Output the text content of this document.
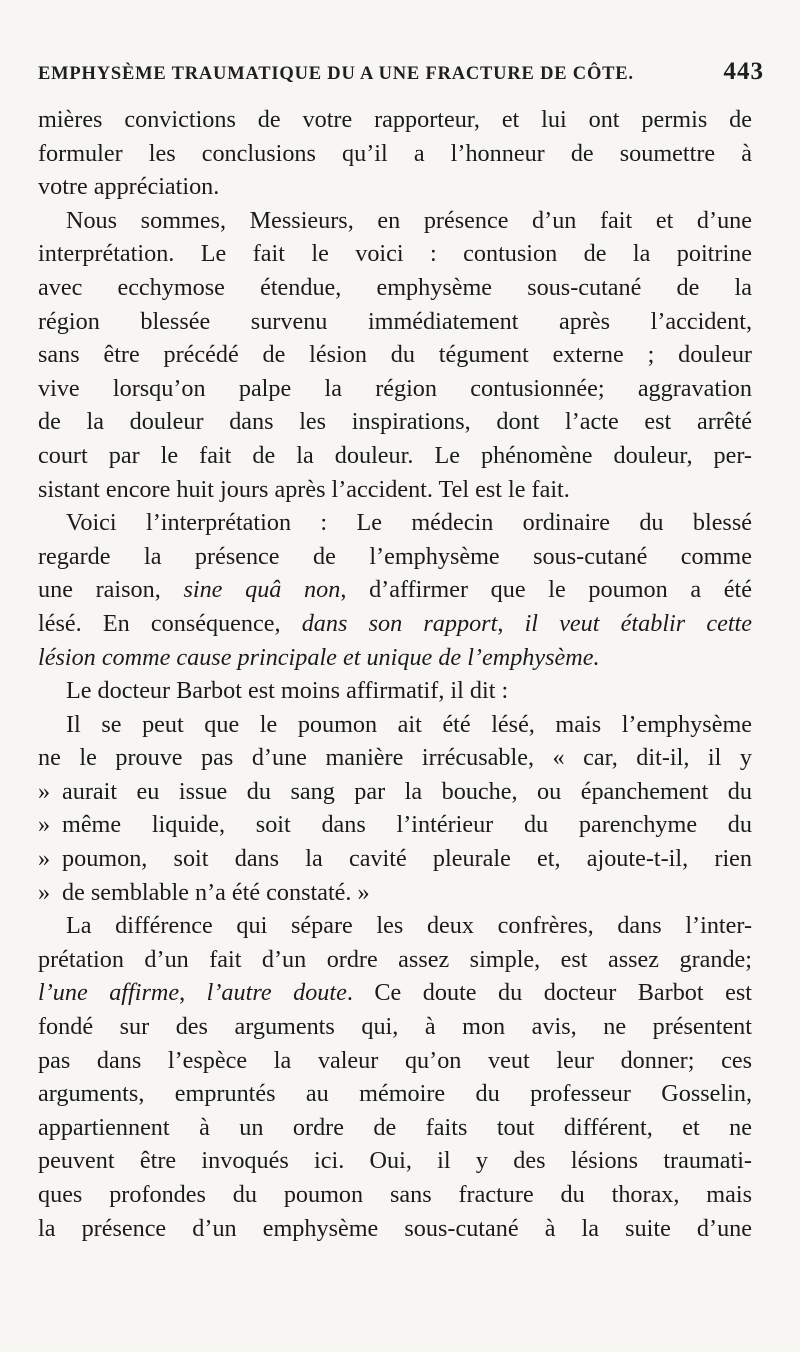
EMPHYSÈME TRAUMATIQUE DU A UNE FRACTURE DE CÔTE.	443
mières convictions de votre rapporteur, et lui ont permis de
formuler les conclusions qu’il a l’honneur de soumettre à
votre appréciation.
Nous sommes, Messieurs, en présence d’un fait et d’une
interprétation. Le fait le voici : contusion de la poitrine
avec ecchymose étendue, emphysème sous-cutané de la
région blessée survenu immédiatement après l’accident,
sans être précédé de lésion du tégument externe ; douleur
vive lorsqu’on palpe la région contusionnée; aggravation
de la douleur dans les inspirations, dont l’acte est arrêté
court par le fait de la douleur. Le phénomène douleur, per-
sistant encore huit jours après l’accident. Tel est le fait.
Voici l’interprétation : Le médecin ordinaire du blessé
regarde la présence de l’emphysème sous-cutané comme
une raison, sine quâ non, d’affirmer que le poumon a été
lésé. En conséquence, dans son rapport, il veut établir cette
lésion comme cause principale et unique de l’emphysème.
Le docteur Barbot est moins affirmatif, il dit :
Il se peut que le poumon ait été lésé, mais l’emphysème
ne le prouve pas d’une manière irrécusable, « car, dit-il, il y
» aurait eu issue du sang par la bouche, ou épanchement du
» même liquide, soit dans l’intérieur du parenchyme du
» poumon, soit dans la cavité pleurale et, ajoute-t-il, rien
» de semblable n’a été constaté. »
La différence qui sépare les deux confrères, dans l’inter-
prétation d’un fait d’un ordre assez simple, est assez grande;
l’une affirme, l’autre doute. Ce doute du docteur Barbot est
fondé sur des arguments qui, à mon avis, ne présentent
pas dans l’espèce la valeur qu’on veut leur donner; ces
arguments, empruntés au mémoire du professeur Gosselin,
appartiennent à un ordre de faits tout différent, et ne
peuvent être invoqués ici. Oui, il y des lésions traumati-
ques profondes du poumon sans fracture du thorax, mais
la présence d’un emphysème sous-cutané à la suite d’une
